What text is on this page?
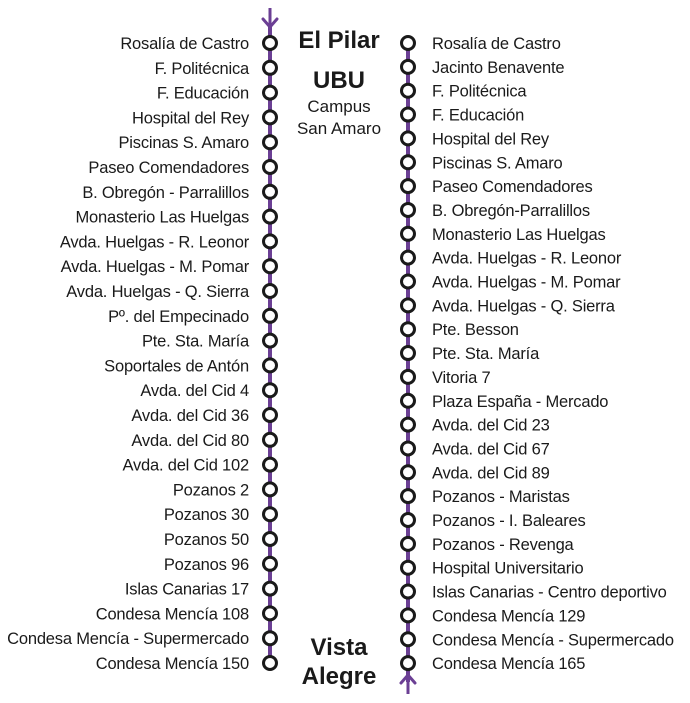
Rosalía de Castro
F. Politécnica
F. Educación
Hospital del Rey
Piscinas S. Amaro
Paseo Comendadores
B. Obregón - Parralillos
Monasterio Las Huelgas
Avda. Huelgas - R. Leonor
Avda. Huelgas - M. Pomar
Avda. Huelgas - Q. Sierra
Pº. del Empecinado
Pte. Sta. María
Soportales de Antón
Avda. del Cid 4
Avda. del Cid 36
Avda. del Cid 80
Avda. del Cid 102
Pozanos 2
Pozanos 30
Pozanos 50
Pozanos 96
Islas Canarias 17
Condesa Mencía 108
Condesa Mencía - Supermercado
Condesa Mencía 150
Rosalía de Castro
Jacinto Benavente
F. Politécnica
F. Educación
Hospital del Rey
Piscinas S. Amaro
Paseo Comendadores
B. Obregón-Parralillos
Monasterio Las Huelgas
Avda. Huelgas - R. Leonor
Avda. Huelgas - M. Pomar
Avda. Huelgas - Q. Sierra
Pte. Besson
Pte. Sta. María
Vitoria 7
Plaza España - Mercado
Avda. del Cid 23
Avda. del Cid 67
Avda. del Cid 89
Pozanos - Maristas
Pozanos - I. Baleares
Pozanos - Revenga
Hospital Universitario
Islas Canarias - Centro deportivo
Condesa Mencía 129
Condesa Mencía - Supermercado
Condesa Mencía 165
El Pilar
UBU
Campus
San Amaro
Vista
Alegre
